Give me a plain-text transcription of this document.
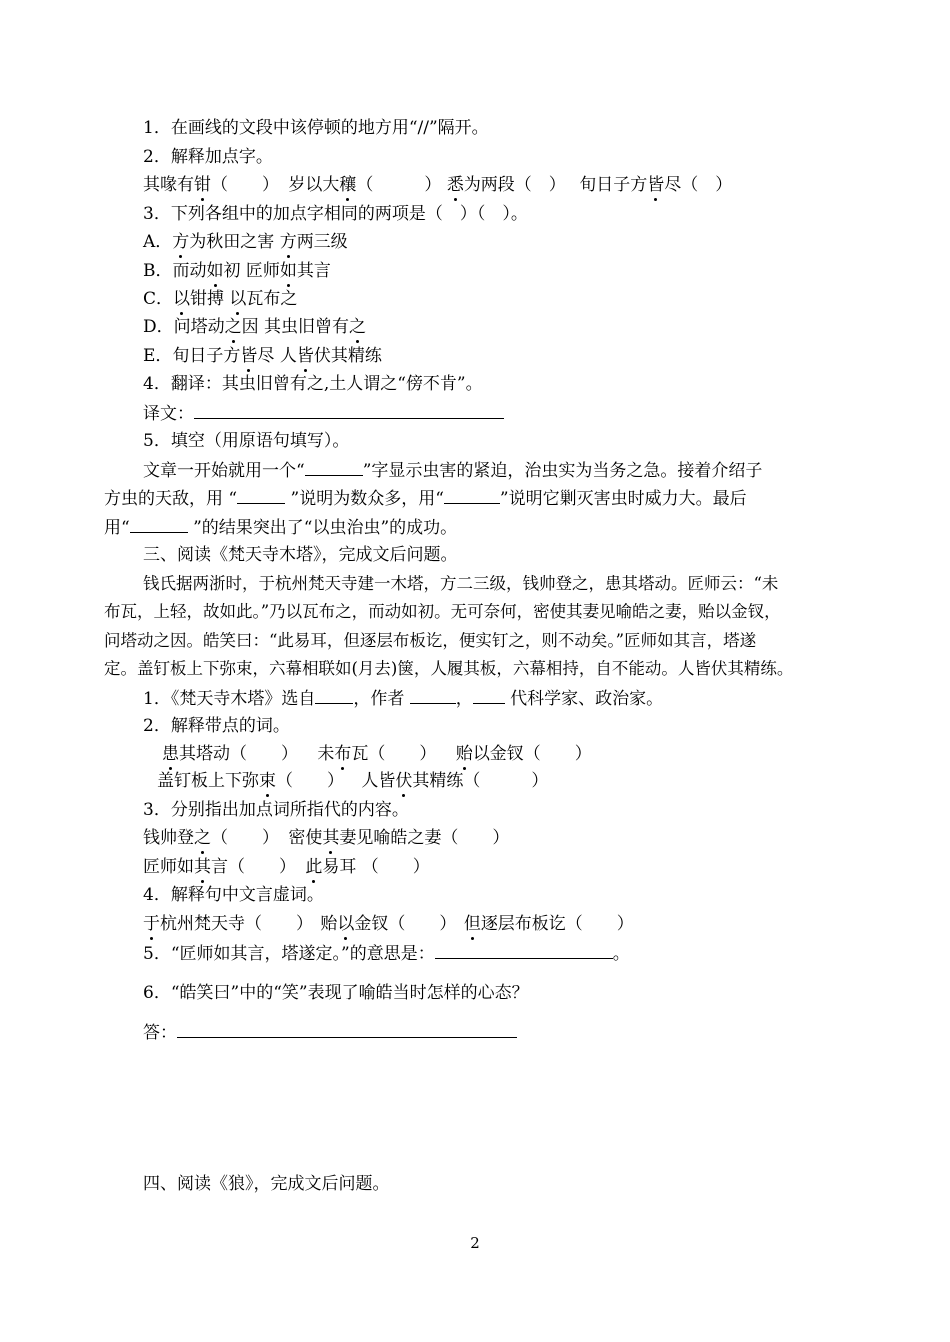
1．在画线的文段中该停顿的地方用“//”隔开。
2．解释加点字。
其喙有钳（　　） 岁以大穰（　　　） 悉为两段（　） 旬日子方皆尽（　）
3．下列各组中的加点字相同的两项是（　）（　）。
A．方为秋田之害 方两三级
B．而动如初 匠师如其言
C．以钳搏 以瓦布之
D．问塔动之因 其虫旧曾有之
E．旬日子方皆尽 人皆伏其精练
4．翻译：其虫旧曾有之,土人谓之“傍不肯”。
译文：
5．填空（用原语句填写）。
文章一开始就用一个“	”字显示虫害的紧迫，治虫实为当务之急。接着介绍子
方虫的天敌，用 “	”说明为数众多，用“	”说明它剿灭害虫时威力大。最后
用“	”的结果突出了“以虫治虫”的成功。
三、阅读《梵天寺木塔》，完成文后问题。
钱氏据两浙时，于杭州梵天寺建一木塔，方二三级，钱帅登之，患其塔动。匠师云：“未
布瓦，上轻，故如此。”乃以瓦布之，而动如初。无可奈何，密使其妻见喻皓之妻，贻以金钗，
问塔动之因。皓笑曰：“此易耳，但逐层布板讫，便实钉之，则不动矣。”匠师如其言，塔遂
定。盖钉板上下弥束，六幕相联如(月去)箧，人履其板，六幕相持，自不能动。人皆伏其精练。
1．《梵天寺木塔》选自 ，作者	， 代科学家、政治家。
2．解释带点的词。
患其塔动（　　） 未布瓦（　　） 贻以金钗（　　）
盖钉板上下弥束（　　） 人皆伏其精练（　　　）
3．分别指出加点词所指代的内容。
钱帅登之（　　） 密使其妻见喻皓之妻（　　）
匠师如其言（　　） 此易耳 （　　）
4．解释句中文言虚词。
于杭州梵天寺（　　） 贻以金钗（　　） 但逐层布板讫（　　）
5．“匠师如其言，塔遂定。”的意思是：	。
6．“皓笑曰”中的“笑”表现了喻皓当时怎样的心态？
答：
四、阅读《狼》，完成文后问题。
2
